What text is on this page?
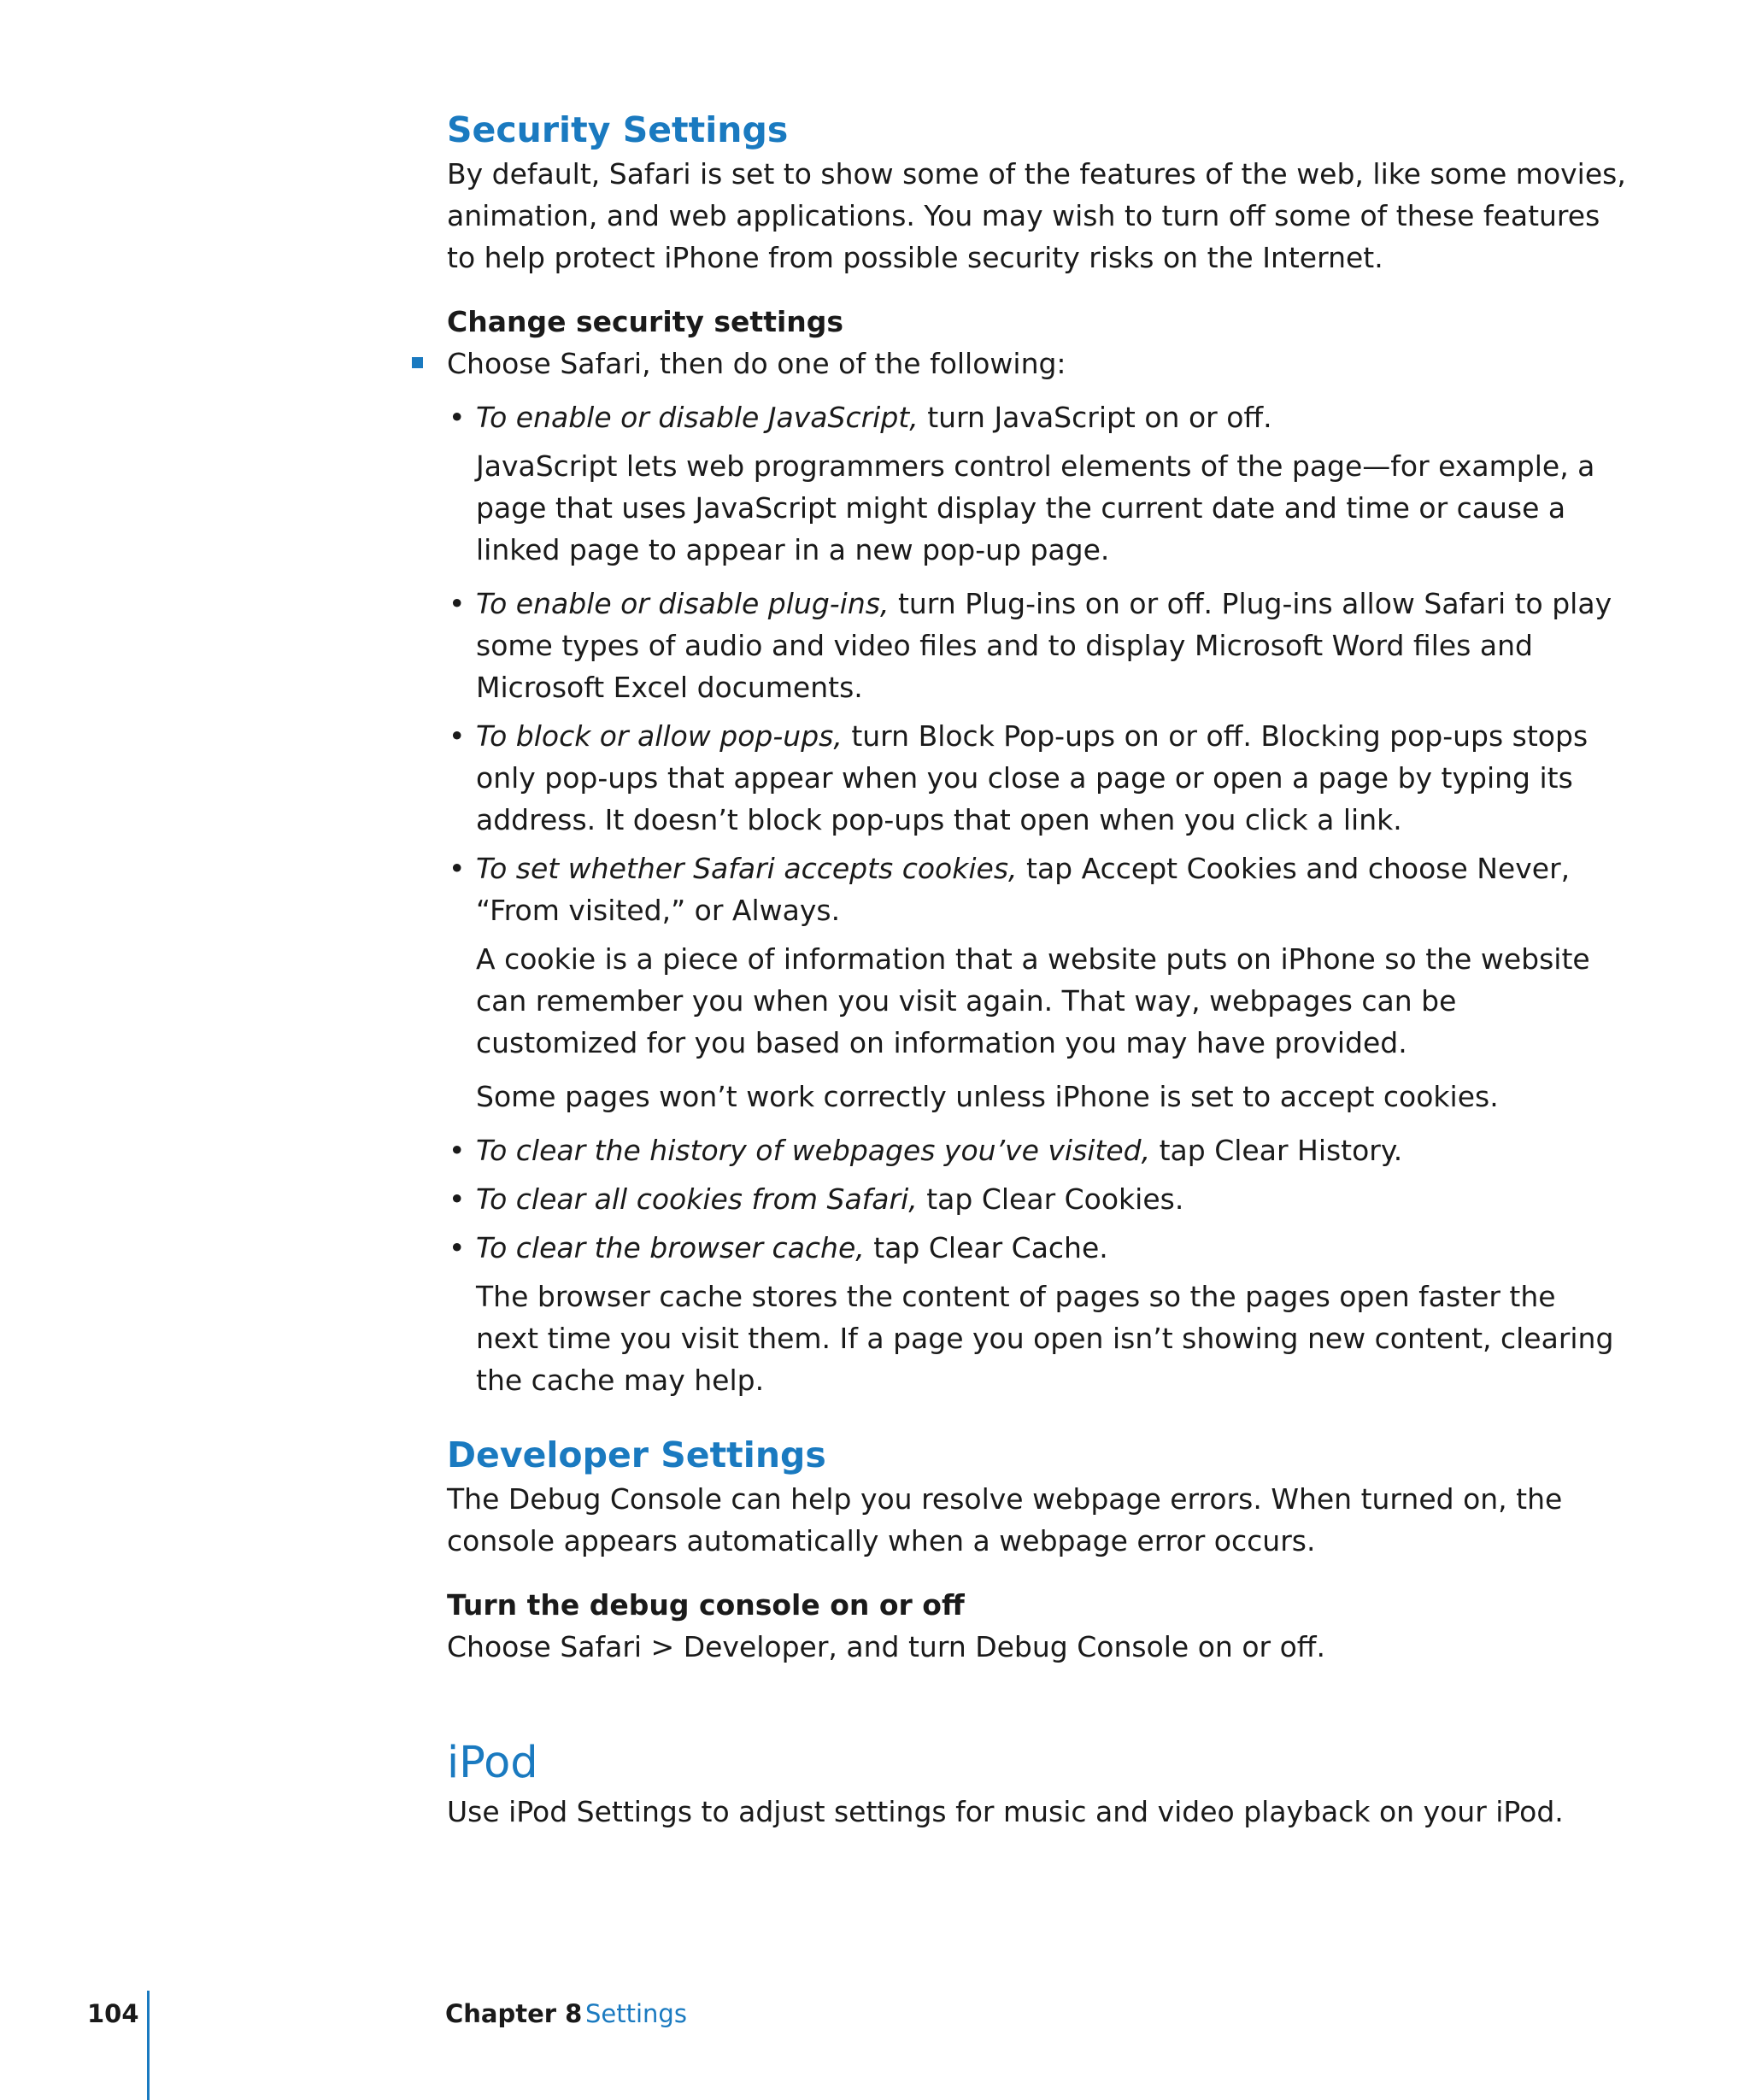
Security Settings

By default, Safari is set to show some of the features of the web, like some movies, animation, and web applications. You may wish to turn off some of these features to help protect iPhone from possible security risks on the Internet.

Change security settings

Choose Safari, then do one of the following:

• To enable or disable JavaScript, turn JavaScript on or off.

JavaScript lets web programmers control elements of the page—for example, a page that uses JavaScript might display the current date and time or cause a linked page to appear in a new pop-up page.

• To enable or disable plug-ins, turn Plug-ins on or off. Plug-ins allow Safari to play some types of audio and video files and to display Microsoft Word files and Microsoft Excel documents.
• To block or allow pop-ups, turn Block Pop-ups on or off. Blocking pop-ups stops only pop-ups that appear when you close a page or open a page by typing its address. It doesn’t block pop-ups that open when you click a link.
• To set whether Safari accepts cookies, tap Accept Cookies and choose Never, “From visited,” or Always.

A cookie is a piece of information that a website puts on iPhone so the website can remember you when you visit again. That way, webpages can be customized for you based on information you may have provided.

Some pages won’t work correctly unless iPhone is set to accept cookies.

• To clear the history of webpages you’ve visited, tap Clear History.
• To clear all cookies from Safari, tap Clear Cookies.
• To clear the browser cache, tap Clear Cache.

The browser cache stores the content of pages so the pages open faster the next time you visit them. If a page you open isn’t showing new content, clearing the cache may help.

Developer Settings

The Debug Console can help you resolve webpage errors. When turned on, the console appears automatically when a webpage error occurs.

Turn the debug console on or off

Choose Safari > Developer, and turn Debug Console on or off.

iPod

Use iPod Settings to adjust settings for music and video playback on your iPod.

104	Chapter 8 Settings
